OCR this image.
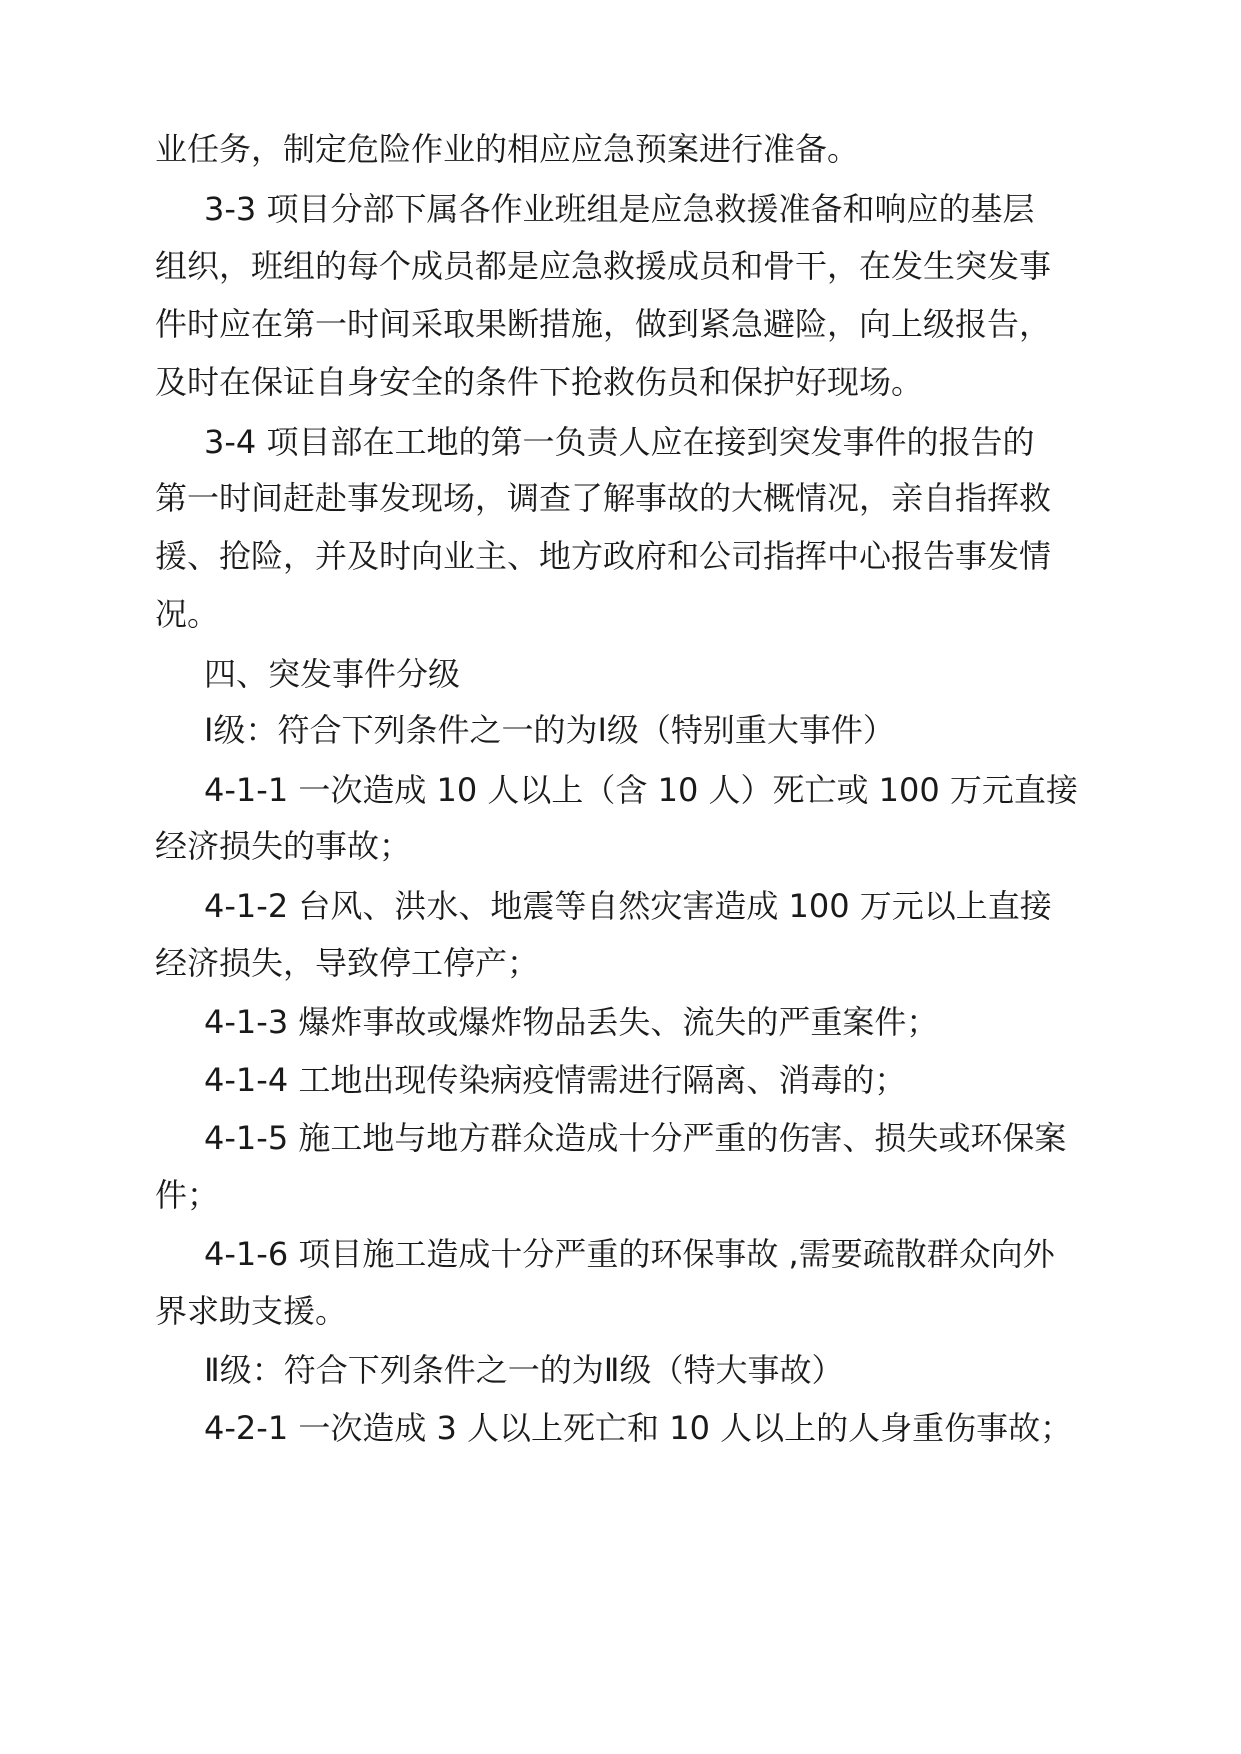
业任务，制定危险作业的相应应急预案进行准备。
3-3 项目分部下属各作业班组是应急救援准备和响应的基层
组织，班组的每个成员都是应急救援成员和骨干，在发生突发事
件时应在第一时间采取果断措施，做到紧急避险，向上级报告，
及时在保证自身安全的条件下抢救伤员和保护好现场。
3-4 项目部在工地的第一负责人应在接到突发事件的报告的
第一时间赶赴事发现场，调查了解事故的大概情况，亲自指挥救
援、抢险，并及时向业主、地方政府和公司指挥中心报告事发情
况。
四、突发事件分级
Ⅰ级：符合下列条件之一的为Ⅰ级（特别重大事件）
4-1-1 一次造成 10 人以上（含 10 人）死亡或 100 万元直接
经济损失的事故；
4-1-2 台风、洪水、地震等自然灾害造成 100 万元以上直接
经济损失，导致停工停产；
4-1-3 爆炸事故或爆炸物品丢失、流失的严重案件；
4-1-4 工地出现传染病疫情需进行隔离、消毒的；
4-1-5 施工地与地方群众造成十分严重的伤害、损失或环保案
件；
4-1-6 项目施工造成十分严重的环保事故 ,需要疏散群众向外
界求助支援。
Ⅱ级：符合下列条件之一的为Ⅱ级（特大事故）
4-2-1 一次造成 3 人以上死亡和 10 人以上的人身重伤事故；
